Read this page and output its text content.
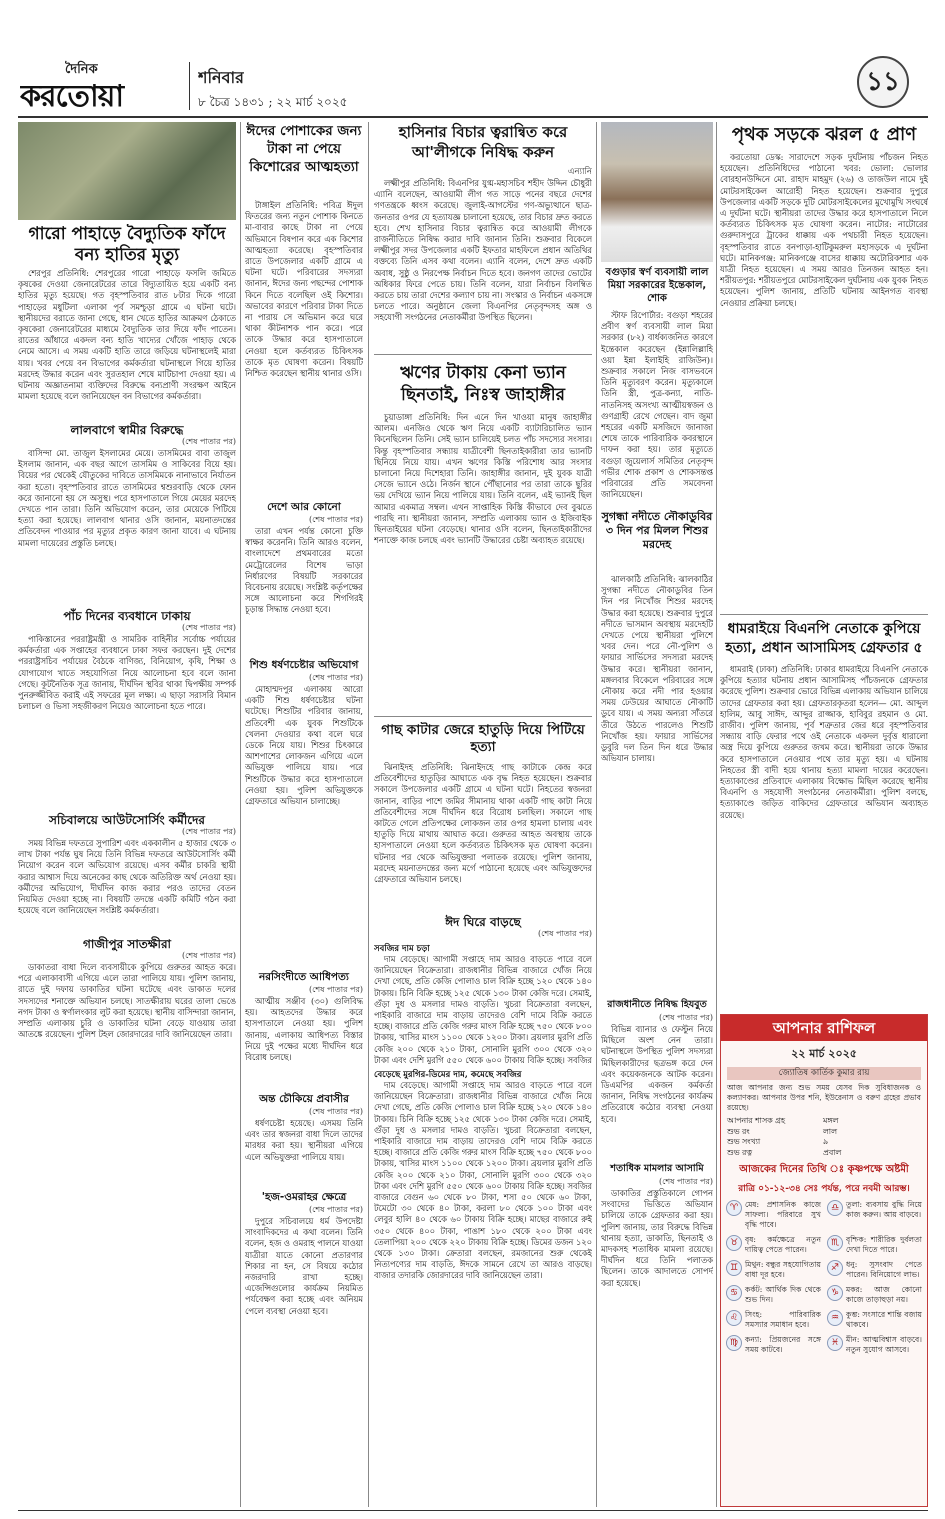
দৈনিক
করতোয়া
শনিবার
৮ চৈত্র ১৪৩১ ; ২২ মার্চ ২০২৫
১১
গারো পাহাড়ে বৈদ্যুতিক ফাঁদে বন্য হাতির মৃত্যু

শেরপুর প্রতিনিধি: শেরপুরের গারো পাহাড়ে ফসলি জমিতে কৃষকের দেওয়া জেনারেটরের তারে বিদ্যুতায়িত হয়ে একটি বন্য হাতির মৃত্যু হয়েছে। গত বৃহস্পতিবার রাত ৮টার দিকে গারো পাহাড়ের মধুটিলা এলাকা পূর্ব সমশ্চুড়া গ্রামে এ ঘটনা ঘটে। স্থানীয়দের বরাতে জানা গেছে, ধান খেতে হাতির আক্রমণ ঠেকাতে কৃষকেরা জেনারেটরের মাধ্যমে বৈদ্যুতিক তার দিয়ে ফাঁদ পাতেন। রাতের আঁধারে একদল বন্য হাতি খাদ্যের খোঁজে পাহাড় থেকে নেমে আসে। এ সময় একটি হাতি তারে জড়িয়ে ঘটনাস্থলেই মারা যায়। খবর পেয়ে বন বিভাগের কর্মকর্তারা ঘটনাস্থলে গিয়ে হাতির মরদেহ উদ্ধার করেন এবং সুরতহাল শেষে মাটিচাপা দেওয়া হয়। এ ঘটনায় অজ্ঞাতনামা ব্যক্তিদের বিরুদ্ধে বন্যপ্রাণী সংরক্ষণ আইনে মামলা হয়েছে বলে জানিয়েছেন বন বিভাগের কর্মকর্তারা।

লালবাগে স্বামীর বিরুদ্ধে
(শেষ পাতার পর)

বাসিন্দা মো. তাজুল ইসলামের মেয়ে। তাসমিমের বাবা তাজুল ইসলাম জানান, এক বছর আগে তাসমিম ও সাকিবের বিয়ে হয়। বিয়ের পর থেকেই যৌতুকের দাবিতে তাসমিমকে নানাভাবে নির্যাতন করা হতো। বৃহস্পতিবার রাতে তাসমিমের শ্বশুরবাড়ি থেকে ফোন করে জানানো হয় সে অসুস্থ। পরে হাসপাতালে গিয়ে মেয়ের মরদেহ দেখতে পান তারা। তিনি অভিযোগ করেন, তার মেয়েকে পিটিয়ে হত্যা করা হয়েছে। লালবাগ থানার ওসি জানান, ময়নাতদন্তের প্রতিবেদন পাওয়ার পর মৃত্যুর প্রকৃত কারণ জানা যাবে। এ ঘটনায় মামলা দায়েরের প্রস্তুতি চলছে।

পাঁচ দিনের ব্যবধানে ঢাকায়
(শেষ পাতার পর)

পাকিস্তানের পররাষ্ট্রমন্ত্রী ও সামরিক বাহিনীর সর্বোচ্চ পর্যায়ের কর্মকর্তারা এক সপ্তাহের ব্যবধানে ঢাকা সফর করছেন। দুই দেশের পররাষ্ট্রসচিব পর্যায়ের বৈঠকে বাণিজ্য, বিনিয়োগ, কৃষি, শিক্ষা ও যোগাযোগ খাতে সহযোগিতা নিয়ে আলোচনা হবে বলে জানা গেছে। কূটনৈতিক সূত্র জানায়, দীর্ঘদিন স্থবির থাকা দ্বিপক্ষীয় সম্পর্ক পুনরুজ্জীবিত করাই এই সফরের মূল লক্ষ্য। এ ছাড়া সরাসরি বিমান চলাচল ও ভিসা সহজীকরণ নিয়েও আলোচনা হতে পারে।

সচিবালয়ে আউটসোর্সিং কর্মীদের
(শেষ পাতার পর)

সময় বিভিন্ন দফতরে সুপারিশ এবং এককালীন ৫ হাজার থেকে ৩ লাখ টাকা পর্যন্ত ঘুষ নিয়ে তিনি বিভিন্ন দফতরে আউটসোর্সিং কর্মী নিয়োগ করেন বলে অভিযোগ রয়েছে। এসব কর্মীর চাকরি স্থায়ী করার আশ্বাস দিয়ে অনেকের কাছ থেকে অতিরিক্ত অর্থ নেওয়া হয়। কর্মীদের অভিযোগ, দীর্ঘদিন কাজ করার পরও তাদের বেতন নিয়মিত দেওয়া হচ্ছে না। বিষয়টি তদন্তে একটি কমিটি গঠন করা হয়েছে বলে জানিয়েছেন সংশ্লিষ্ট কর্মকর্তারা।

গাজীপুর সাতক্ষীরা
(শেষ পাতার পর)

ডাকাতরা বাধা দিলে ব্যবসায়ীকে কুপিয়ে গুরুতর আহত করে। পরে এলাকাবাসী এগিয়ে এলে তারা পালিয়ে যায়। পুলিশ জানায়, রাতে দুই দফায় ডাকাতির ঘটনা ঘটেছে এবং ডাকাত দলের সদস্যদের শনাক্তে অভিযান চলছে। সাতক্ষীরায় ঘরের তালা ভেঙে নগদ টাকা ও স্বর্ণালংকার লুট করা হয়েছে। স্থানীয় বাসিন্দারা জানান, সম্প্রতি এলাকায় চুরি ও ডাকাতির ঘটনা বেড়ে যাওয়ায় তারা আতঙ্কে রয়েছেন। পুলিশ টহল জোরদারের দাবি জানিয়েছেন তারা।

ঈদের পোশাকের জন্য টাকা না পেয়ে কিশোরের আত্মহত্যা

টাঙ্গাইল প্রতিনিধি: পবিত্র ঈদুল ফিতরের জন্য নতুন পোশাক কিনতে মা-বাবার কাছে টাকা না পেয়ে অভিমানে বিষপান করে এক কিশোর আত্মহত্যা করেছে। বৃহস্পতিবার রাতে উপজেলার একটি গ্রামে এ ঘটনা ঘটে। পরিবারের সদস্যরা জানান, ঈদের জন্য পছন্দের পোশাক কিনে দিতে বলেছিল ওই কিশোর। অভাবের কারণে পরিবার টাকা দিতে না পারায় সে অভিমান করে ঘরে থাকা কীটনাশক পান করে। পরে তাকে উদ্ধার করে হাসপাতালে নেওয়া হলে কর্তব্যরত চিকিৎসক তাকে মৃত ঘোষণা করেন। বিষয়টি নিশ্চিত করেছেন স্থানীয় থানার ওসি।

দেশে আর কোনো
(শেষ পাতার পর)

তারা এখন পর্যন্ত কোনো চুক্তি স্বাক্ষর করেননি। তিনি আরও বলেন, বাংলাদেশে প্রথমবারের মতো মেট্রোরেলের বিশেষ ভাড়া নির্ধারণের বিষয়টি সরকারের বিবেচনায় রয়েছে। সংশ্লিষ্ট কর্তৃপক্ষের সঙ্গে আলোচনা করে শিগগিরই চূড়ান্ত সিদ্ধান্ত নেওয়া হবে।

শিশু ধর্ষণচেষ্টার অভিযোগ
(শেষ পাতার পর)

মোহাম্মদপুর এলাকায় আরো একটি শিশু ধর্ষণচেষ্টার ঘটনা ঘটেছে। শিশুটির পরিবার জানায়, প্রতিবেশী এক যুবক শিশুটিকে খেলনা দেওয়ার কথা বলে ঘরে ডেকে নিয়ে যায়। শিশুর চিৎকারে আশপাশের লোকজন এগিয়ে এলে অভিযুক্ত পালিয়ে যায়। পরে শিশুটিকে উদ্ধার করে হাসপাতালে নেওয়া হয়। পুলিশ অভিযুক্তকে গ্রেফতারে অভিযান চালাচ্ছে।

নরসিংদীতে আধিপত্য
(শেষ পাতার পর)

আত্মীয় সঞ্জীব (৩০) গুলিবিদ্ধ হয়। আহতদের উদ্ধার করে হাসপাতালে নেওয়া হয়। পুলিশ জানায়, এলাকায় আধিপত্য বিস্তার নিয়ে দুই পক্ষের মধ্যে দীর্ঘদিন ধরে বিরোধ চলছে।

অন্ত চৌকিয়ে প্রবাসীর
(শেষ পাতার পর)

ধর্ষণচেষ্টা হয়েছে। এসময় তিনি এবং তার স্বজনরা বাধা দিলে তাদের মারধর করা হয়। স্থানীয়রা এগিয়ে এলে অভিযুক্তরা পালিয়ে যায়।

'হজ-ওমরাহর ক্ষেত্রে
(শেষ পাতার পর)

দুপুরে সচিবালয়ে ধর্ম উপদেষ্টা সাংবাদিকদের এ কথা বলেন। তিনি বলেন, হজ ও ওমরাহ পালনে যাওয়া যাত্রীরা যাতে কোনো প্রতারণার শিকার না হন, সে বিষয়ে কঠোর নজরদারি রাখা হচ্ছে। এজেন্সিগুলোর কার্যক্রম নিয়মিত পর্যবেক্ষণ করা হচ্ছে এবং অনিয়ম পেলে ব্যবস্থা নেওয়া হবে।

হাসিনার বিচার ত্বরান্বিত করে আ'লীগকে নিষিদ্ধ করুন
এন্যানি

লক্ষ্মীপুর প্রতিনিধি: বিএনপির যুগ্ম-মহাসচিব শহীদ উদ্দিন চৌধুরী এ্যানি বলেছেন, আওয়ামী লীগ গত সাড়ে পনের বছরে দেশের গণতন্ত্রকে ধ্বংস করেছে। জুলাই-আগস্টের গণ-অভ্যুত্থানে ছাত্র-জনতার ওপর যে হত্যাযজ্ঞ চালানো হয়েছে, তার বিচার দ্রুত করতে হবে। শেখ হাসিনার বিচার ত্বরান্বিত করে আওয়ামী লীগকে রাজনীতিতে নিষিদ্ধ করার দাবি জানান তিনি। শুক্রবার বিকেলে লক্ষ্মীপুর সদর উপজেলার একটি ইফতার মাহফিলে প্রধান অতিথির বক্তব্যে তিনি এসব কথা বলেন। এ্যানি বলেন, দেশে দ্রুত একটি অবাধ, সুষ্ঠু ও নিরপেক্ষ নির্বাচন দিতে হবে। জনগণ তাদের ভোটের অধিকার ফিরে পেতে চায়। তিনি বলেন, যারা নির্বাচন বিলম্বিত করতে চায় তারা দেশের কল্যাণ চায় না। সংস্কার ও নির্বাচন একসঙ্গে চলতে পারে। অনুষ্ঠানে জেলা বিএনপির নেতৃবৃন্দসহ অঙ্গ ও সহযোগী সংগঠনের নেতাকর্মীরা উপস্থিত ছিলেন।

ঋণের টাকায় কেনা ভ্যান ছিনতাই, নিঃস্ব জাহাঙ্গীর

চুয়াডাঙ্গা প্রতিনিধি: দিন এনে দিন খাওয়া মানুষ জাহাঙ্গীর আলম। এনজিও থেকে ঋণ নিয়ে একটি ব্যাটারিচালিত ভ্যান কিনেছিলেন তিনি। সেই ভ্যান চালিয়েই চলত পাঁচ সদস্যের সংসার। কিন্তু বৃহস্পতিবার সন্ধ্যায় যাত্রীবেশী ছিনতাইকারীরা তার ভ্যানটি ছিনিয়ে নিয়ে যায়। এখন ঋণের কিস্তি পরিশোধ আর সংসার চালানো নিয়ে দিশেহারা তিনি। জাহাঙ্গীর জানান, দুই যুবক যাত্রী সেজে ভ্যানে ওঠে। নির্জন স্থানে পৌঁছানোর পর তারা তাকে ছুরির ভয় দেখিয়ে ভ্যান নিয়ে পালিয়ে যায়। তিনি বলেন, এই ভ্যানই ছিল আমার একমাত্র সম্বল। এখন সাপ্তাহিক কিস্তি কীভাবে দেব বুঝতে পারছি না। স্থানীয়রা জানান, সম্প্রতি এলাকায় ভ্যান ও ইজিবাইক ছিনতাইয়ের ঘটনা বেড়েছে। থানার ওসি বলেন, ছিনতাইকারীদের শনাক্তে কাজ চলছে এবং ভ্যানটি উদ্ধারের চেষ্টা অব্যাহত রয়েছে।

গাছ কাটার জেরে হাতুড়ি দিয়ে পিটিয়ে হত্যা

ঝিনাইদহ প্রতিনিধি: ঝিনাইদহে গাছ কাটাকে কেন্দ্র করে প্রতিবেশীদের হাতুড়ির আঘাতে এক বৃদ্ধ নিহত হয়েছেন। শুক্রবার সকালে উপজেলার একটি গ্রামে এ ঘটনা ঘটে। নিহতের স্বজনরা জানান, বাড়ির পাশে জমির সীমানায় থাকা একটি গাছ কাটা নিয়ে প্রতিবেশীদের সঙ্গে দীর্ঘদিন ধরে বিরোধ চলছিল। সকালে গাছ কাটতে গেলে প্রতিপক্ষের লোকজন তার ওপর হামলা চালায় এবং হাতুড়ি দিয়ে মাথায় আঘাত করে। গুরুতর আহত অবস্থায় তাকে হাসপাতালে নেওয়া হলে কর্তব্যরত চিকিৎসক মৃত ঘোষণা করেন। ঘটনার পর থেকে অভিযুক্তরা পলাতক রয়েছে। পুলিশ জানায়, মরদেহ ময়নাতদন্তের জন্য মর্গে পাঠানো হয়েছে এবং অভিযুক্তদের গ্রেফতারে অভিযান চলছে।

ঈদ ঘিরে বাড়ছে
(শেষ পাতার পর)
সবজির দাম চড়া

দাম বেড়েছে। আগামী সপ্তাহে দাম আরও বাড়তে পারে বলে জানিয়েছেন বিক্রেতারা। রাজধানীর বিভিন্ন বাজারে খোঁজ নিয়ে দেখা গেছে, প্রতি কেজি পোলাও চাল বিক্রি হচ্ছে ১২০ থেকে ১৪০ টাকায়। চিনি বিক্রি হচ্ছে ১২৫ থেকে ১৩০ টাকা কেজি দরে। সেমাই, গুঁড়া দুধ ও মসলার দামও বাড়তি। খুচরা বিক্রেতারা বলছেন, পাইকারি বাজারে দাম বাড়ায় তাদেরও বেশি দামে বিক্রি করতে হচ্ছে। বাজারে প্রতি কেজি গরুর মাংস বিক্রি হচ্ছে ৭৫০ থেকে ৮০০ টাকায়, খাসির মাংস ১১০০ থেকে ১২০০ টাকা। ব্রয়লার মুরগি প্রতি কেজি ২০০ থেকে ২১০ টাকা, সোনালি মুরগি ৩০০ থেকে ৩২০ টাকা এবং দেশি মুরগি ৫৫০ থেকে ৬০০ টাকায় বিক্রি হচ্ছে। সবজির

বেড়েছে মুরগির-ডিমের দাম, কমেছে সবজির

দাম বেড়েছে। আগামী সপ্তাহে দাম আরও বাড়তে পারে বলে জানিয়েছেন বিক্রেতারা। রাজধানীর বিভিন্ন বাজারে খোঁজ নিয়ে দেখা গেছে, প্রতি কেজি পোলাও চাল বিক্রি হচ্ছে ১২০ থেকে ১৪০ টাকায়। চিনি বিক্রি হচ্ছে ১২৫ থেকে ১৩০ টাকা কেজি দরে। সেমাই, গুঁড়া দুধ ও মসলার দামও বাড়তি। খুচরা বিক্রেতারা বলছেন, পাইকারি বাজারে দাম বাড়ায় তাদেরও বেশি দামে বিক্রি করতে হচ্ছে। বাজারে প্রতি কেজি গরুর মাংস বিক্রি হচ্ছে ৭৫০ থেকে ৮০০ টাকায়, খাসির মাংস ১১০০ থেকে ১২০০ টাকা। ব্রয়লার মুরগি প্রতি কেজি ২০০ থেকে ২১০ টাকা, সোনালি মুরগি ৩০০ থেকে ৩২০ টাকা এবং দেশি মুরগি ৫৫০ থেকে ৬০০ টাকায় বিক্রি হচ্ছে। সবজির বাজারে বেগুন ৬০ থেকে ৮০ টাকা, শসা ৫০ থেকে ৬০ টাকা, টমেটো ৩০ থেকে ৪০ টাকা, করলা ৮০ থেকে ১০০ টাকা এবং লেবুর হালি ৪০ থেকে ৬০ টাকায় বিক্রি হচ্ছে। মাছের বাজারে রুই ৩৫০ থেকে ৪০০ টাকা, পাঙাশ ১৮০ থেকে ২০০ টাকা এবং তেলাপিয়া ২০০ থেকে ২২০ টাকায় বিক্রি হচ্ছে। ডিমের ডজন ১২০ থেকে ১৩০ টাকা। ক্রেতারা বলছেন, রমজানের শুরু থেকেই নিত্যপণ্যের দাম বাড়তি, ঈদকে সামনে রেখে তা আরও বাড়ছে। বাজার তদারকি জোরদারের দাবি জানিয়েছেন তারা।

বগুড়ার স্বর্ণ ব্যবসায়ী লাল মিয়া সরকারের ইন্তেকাল, শোক

স্টাফ রিপোর্টার: বগুড়া শহরের প্রবীণ স্বর্ণ ব্যবসায়ী লাল মিয়া সরকার (৮২) বার্ধক্যজনিত কারণে ইন্তেকাল করেছেন (ইন্নালিল্লাহি ওয়া ইন্না ইলাইহি রাজিউন)। শুক্রবার সকালে নিজ বাসভবনে তিনি মৃত্যুবরণ করেন। মৃত্যুকালে তিনি স্ত্রী, পুত্র-কন্যা, নাতি-নাতনিসহ অসংখ্য আত্মীয়স্বজন ও গুণগ্রাহী রেখে গেছেন। বাদ জুমা শহরের একটি মসজিদে জানাজা শেষে তাকে পারিবারিক কবরস্থানে দাফন করা হয়। তার মৃত্যুতে বগুড়া জুয়েলার্স সমিতির নেতৃবৃন্দ গভীর শোক প্রকাশ ও শোকসন্তপ্ত পরিবারের প্রতি সমবেদনা জানিয়েছেন।

সুগন্ধা নদীতে নৌকাডুবির ৩ দিন পর মিলল শিশুর মরদেহ

ঝালকাঠি প্রতিনিধি: ঝালকাঠির সুগন্ধা নদীতে নৌকাডুবির তিন দিন পর নিখোঁজ শিশুর মরদেহ উদ্ধার করা হয়েছে। শুক্রবার দুপুরে নদীতে ভাসমান অবস্থায় মরদেহটি দেখতে পেয়ে স্থানীয়রা পুলিশে খবর দেন। পরে নৌ-পুলিশ ও ফায়ার সার্ভিসের সদস্যরা মরদেহ উদ্ধার করে। স্থানীয়রা জানান, মঙ্গলবার বিকেলে পরিবারের সঙ্গে নৌকায় করে নদী পার হওয়ার সময় ঢেউয়ের আঘাতে নৌকাটি ডুবে যায়। এ সময় অন্যরা সাঁতরে তীরে উঠতে পারলেও শিশুটি নিখোঁজ হয়। ফায়ার সার্ভিসের ডুবুরি দল তিন দিন ধরে উদ্ধার অভিযান চালায়।

রাজধানীতে নিষিদ্ধ হিযবুত
(শেষ পাতার পর)

বিভিন্ন ব্যানার ও ফেস্টুন নিয়ে মিছিলে অংশ নেন তারা। ঘটনাস্থলে উপস্থিত পুলিশ সদস্যরা মিছিলকারীদের ছত্রভঙ্গ করে দেন এবং কয়েকজনকে আটক করেন। ডিএমপির একজন কর্মকর্তা জানান, নিষিদ্ধ সংগঠনের কার্যক্রম প্রতিরোধে কঠোর ব্যবস্থা নেওয়া হবে।

শতাধিক মামলার আসামি
(শেষ পাতার পর)

ডাকাতির প্রস্তুতিকালে গোপন সংবাদের ভিত্তিতে অভিযান চালিয়ে তাকে গ্রেফতার করা হয়। পুলিশ জানায়, তার বিরুদ্ধে বিভিন্ন থানায় হত্যা, ডাকাতি, ছিনতাই ও মাদকসহ শতাধিক মামলা রয়েছে। দীর্ঘদিন ধরে তিনি পলাতক ছিলেন। তাকে আদালতে সোপর্দ করা হয়েছে।

পৃথক সড়কে ঝরল ৫ প্রাণ

করতোয়া ডেস্ক: সারাদেশে সড়ক দুর্ঘটনায় পাঁচজন নিহত হয়েছেন। প্রতিনিধিদের পাঠানো খবর: ভোলা: ভোলার বোরহানউদ্দিনে মো. রাহাদ মাহমুদ (২৬) ও তাজউল নামে দুই মোটরসাইকেল আরোহী নিহত হয়েছেন। শুক্রবার দুপুরে উপজেলার একটি সড়কে দুটি মোটরসাইকেলের মুখোমুখি সংঘর্ষে এ দুর্ঘটনা ঘটে। স্থানীয়রা তাদের উদ্ধার করে হাসপাতালে নিলে কর্তব্যরত চিকিৎসক মৃত ঘোষণা করেন। নাটোর: নাটোরের গুরুদাসপুরে ট্রাকের ধাক্কায় এক পথচারী নিহত হয়েছেন। বৃহস্পতিবার রাতে বনপাড়া-হাটিকুমরুল মহাসড়কে এ দুর্ঘটনা ঘটে। মানিকগঞ্জ: মানিকগঞ্জে বাসের ধাক্কায় অটোরিকশার এক যাত্রী নিহত হয়েছেন। এ সময় আরও তিনজন আহত হন। শরীয়তপুর: শরীয়তপুরে মোটরসাইকেল দুর্ঘটনায় এক যুবক নিহত হয়েছেন। পুলিশ জানায়, প্রতিটি ঘটনায় আইনগত ব্যবস্থা নেওয়ার প্রক্রিয়া চলছে।

ধামরাইয়ে বিএনপি নেতাকে কুপিয়ে হত্যা, প্রধান আসামিসহ গ্রেফতার ৫

ধামরাই (ঢাকা) প্রতিনিধি: ঢাকার ধামরাইয়ে বিএনপি নেতাকে কুপিয়ে হত্যার ঘটনায় প্রধান আসামিসহ পাঁচজনকে গ্রেফতার করেছে পুলিশ। শুক্রবার ভোরে বিভিন্ন এলাকায় অভিযান চালিয়ে তাদের গ্রেফতার করা হয়। গ্রেফতারকৃতরা হলেন— মো. আব্দুল হালিম, আবু সাঈদ, আব্দুর রাজ্জাক, হাবিবুর রহমান ও মো. রাজীব। পুলিশ জানায়, পূর্ব শত্রুতার জের ধরে বৃহস্পতিবার সন্ধ্যায় বাড়ি ফেরার পথে ওই নেতাকে একদল দুর্বৃত্ত ধারালো অস্ত্র দিয়ে কুপিয়ে গুরুতর জখম করে। স্থানীয়রা তাকে উদ্ধার করে হাসপাতালে নেওয়ার পথে তার মৃত্যু হয়। এ ঘটনায় নিহতের স্ত্রী বাদী হয়ে থানায় হত্যা মামলা দায়ের করেছেন। হত্যাকাণ্ডের প্রতিবাদে এলাকায় বিক্ষোভ মিছিল করেছে স্থানীয় বিএনপি ও সহযোগী সংগঠনের নেতাকর্মীরা। পুলিশ বলছে, হত্যাকাণ্ডে জড়িত বাকিদের গ্রেফতারে অভিযান অব্যাহত রয়েছে।

আপনার রাশিফল
২২ মার্চ ২০২৫
জ্যোতিষ কার্তিক কুমার রায়
আজ আপনার জন্য শুভ সময় যেসব দিক সুবিধাজনক ও কল্যাণকর। আপনার উপর শনি, ইউরেনাস ও বরুণ গ্রহের প্রভাব রয়েছে।
আপনার শাসক গ্রহ	মঙ্গল
শুভ রং	লাল
শুভ সংখ্যা	৯
শুভ রত্ন	প্রবাল
আজকের দিনের তিথি ঃ কৃষ্ণপক্ষে অষ্টমী
রাত্রি ০১-১২-৩৪ সেঃ পর্যন্ত, পরে নবমী আরম্ভ।
♈ মেষ: প্রশাসনিক কাজে সাফল্য। পরিবারে সুখ বৃদ্ধি পাবে।
♎ তুলা: ব্যবসায় বুদ্ধি নিয়ে কাজ করুন। আয় বাড়বে।
♉ বৃষ: কর্মক্ষেত্রে নতুন দায়িত্ব পেতে পারেন।
♏ বৃশ্চিক: শারীরিক দুর্বলতা দেখা দিতে পারে।
♊ মিথুন: বন্ধুর সহযোগিতায় বাধা দূর হবে।
♐ ধনু: সুসংবাদ পেতে পারেন। বিনিয়োগে লাভ।
♋ কর্কট: আর্থিক দিক থেকে শুভ দিন।
♑ মকর: আজ কোনো কাজে তাড়াহুড়া নয়।
♌ সিংহ: পারিবারিক সমস্যার সমাধান হবে।
♒ কুম্ভ: সংসারে শান্তি বজায় থাকবে।
♍ কন্যা: প্রিয়জনের সঙ্গে সময় কাটবে।
♓ মীন: আত্মবিশ্বাস বাড়বে। নতুন সুযোগ আসবে।
